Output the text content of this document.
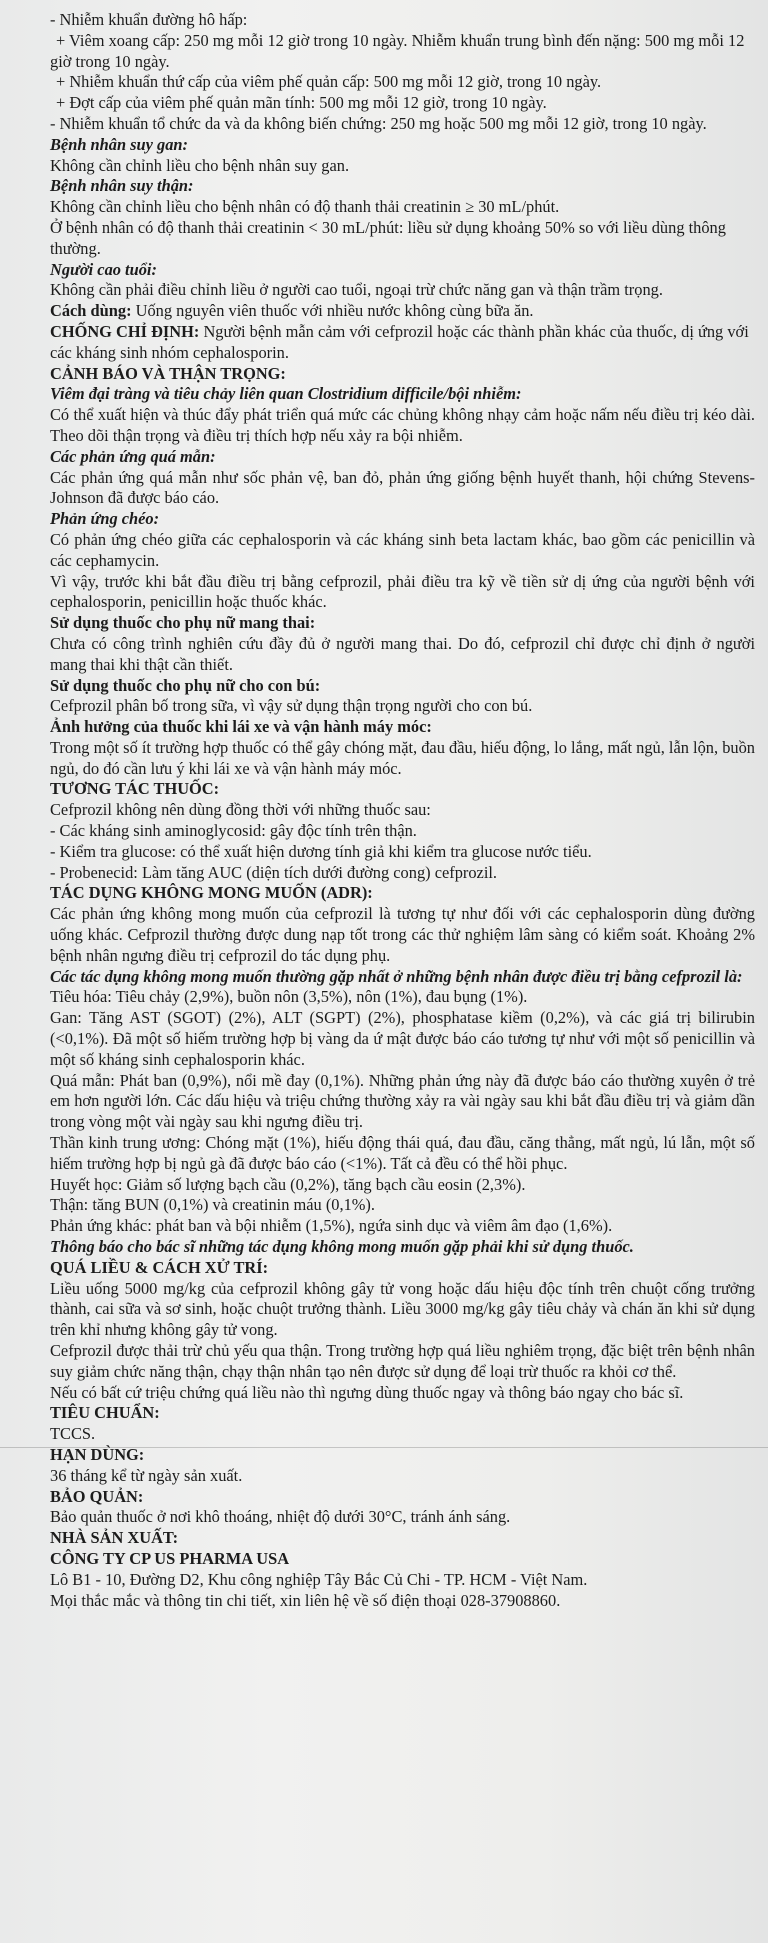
- Nhiễm khuẩn đường hô hấp:

+ Viêm xoang cấp: 250 mg mỗi 12 giờ trong 10 ngày. Nhiễm khuẩn trung bình đến nặng: 500 mg mỗi 12 giờ trong 10 ngày.

+ Nhiễm khuẩn thứ cấp của viêm phế quản cấp: 500 mg mỗi 12 giờ, trong 10 ngày.

+ Đợt cấp của viêm phế quản mãn tính: 500 mg mỗi 12 giờ, trong 10 ngày.

- Nhiễm khuẩn tổ chức da và da không biến chứng: 250 mg hoặc 500 mg mỗi 12 giờ, trong 10 ngày.

Bệnh nhân suy gan:

Không cần chỉnh liều cho bệnh nhân suy gan.

Bệnh nhân suy thận:

Không cần chỉnh liều cho bệnh nhân có độ thanh thải creatinin ≥ 30 mL/phút.

Ở bệnh nhân có độ thanh thải creatinin < 30 mL/phút: liều sử dụng khoảng 50% so với liều dùng thông thường.

Người cao tuổi:

Không cần phải điều chỉnh liều ở người cao tuổi, ngoại trừ chức năng gan và thận trầm trọng.

Cách dùng: Uống nguyên viên thuốc với nhiều nước không cùng bữa ăn.

CHỐNG CHỈ ĐỊNH: Người bệnh mẫn cảm với cefprozil hoặc các thành phần khác của thuốc, dị ứng với các kháng sinh nhóm cephalosporin.

CẢNH BÁO VÀ THẬN TRỌNG:

Viêm đại tràng và tiêu chảy liên quan Clostridium difficile/bội nhiễm:

Có thể xuất hiện và thúc đẩy phát triển quá mức các chủng không nhạy cảm hoặc nấm nếu điều trị kéo dài. Theo dõi thận trọng và điều trị thích hợp nếu xảy ra bội nhiễm.

Các phản ứng quá mẫn:

Các phản ứng quá mẫn như sốc phản vệ, ban đỏ, phản ứng giống bệnh huyết thanh, hội chứng Stevens-Johnson đã được báo cáo.

Phản ứng chéo:

Có phản ứng chéo giữa các cephalosporin và các kháng sinh beta lactam khác, bao gồm các penicillin và các cephamycin.

Vì vậy, trước khi bắt đầu điều trị bằng cefprozil, phải điều tra kỹ về tiền sử dị ứng của người bệnh với cephalosporin, penicillin hoặc thuốc khác.

Sử dụng thuốc cho phụ nữ mang thai:

Chưa có công trình nghiên cứu đầy đủ ở người mang thai. Do đó, cefprozil chỉ được chỉ định ở người mang thai khi thật cần thiết.

Sử dụng thuốc cho phụ nữ cho con bú:

Cefprozil phân bố trong sữa, vì vậy sử dụng thận trọng người cho con bú.

Ảnh hưởng của thuốc khi lái xe và vận hành máy móc:

Trong một số ít trường hợp thuốc có thể gây chóng mặt, đau đầu, hiếu động, lo lắng, mất ngủ, lẫn lộn, buồn ngủ, do đó cần lưu ý khi lái xe và vận hành máy móc.

TƯƠNG TÁC THUỐC:

Cefprozil không nên dùng đồng thời với những thuốc sau:

- Các kháng sinh aminoglycosid: gây độc tính trên thận.

- Kiểm tra glucose: có thể xuất hiện dương tính giả khi kiểm tra glucose nước tiểu.

- Probenecid: Làm tăng AUC (diện tích dưới đường cong) cefprozil.

TÁC DỤNG KHÔNG MONG MUỐN (ADR):

Các phản ứng không mong muốn của cefprozil là tương tự như đối với các cephalosporin dùng đường uống khác. Cefprozil thường được dung nạp tốt trong các thử nghiệm lâm sàng có kiểm soát. Khoảng 2% bệnh nhân ngưng điều trị cefprozil do tác dụng phụ.

Các tác dụng không mong muốn thường gặp nhất ở những bệnh nhân được điều trị bằng cefprozil là:

Tiêu hóa: Tiêu chảy (2,9%), buồn nôn (3,5%), nôn (1%), đau bụng (1%).

Gan: Tăng AST (SGOT) (2%), ALT (SGPT) (2%), phosphatase kiềm (0,2%), và các giá trị bilirubin (<0,1%). Đã một số hiếm trường hợp bị vàng da ứ mật được báo cáo tương tự như với một số penicillin và một số kháng sinh cephalosporin khác.

Quá mẫn: Phát ban (0,9%), nổi mề đay (0,1%). Những phản ứng này đã được báo cáo thường xuyên ở trẻ em hơn người lớn. Các dấu hiệu và triệu chứng thường xảy ra vài ngày sau khi bắt đầu điều trị và giảm dần trong vòng một vài ngày sau khi ngưng điều trị.

Thần kinh trung ương: Chóng mặt (1%), hiếu động thái quá, đau đầu, căng thẳng, mất ngủ, lú lẫn, một số hiếm trường hợp bị ngủ gà đã được báo cáo (<1%). Tất cả đều có thể hồi phục.

Huyết học: Giảm số lượng bạch cầu (0,2%), tăng bạch cầu eosin (2,3%).

Thận: tăng BUN (0,1%) và creatinin máu (0,1%).

Phản ứng khác: phát ban và bội nhiễm (1,5%), ngứa sinh dục và viêm âm đạo (1,6%).

Thông báo cho bác sĩ những tác dụng không mong muốn gặp phải khi sử dụng thuốc.

QUÁ LIỀU & CÁCH XỬ TRÍ:

Liều uống 5000 mg/kg của cefprozil không gây tử vong hoặc dấu hiệu độc tính trên chuột cống trưởng thành, cai sữa và sơ sinh, hoặc chuột trưởng thành. Liều 3000 mg/kg gây tiêu chảy và chán ăn khi sử dụng trên khỉ nhưng không gây tử vong.

Cefprozil được thải trừ chủ yếu qua thận. Trong trường hợp quá liều nghiêm trọng, đặc biệt trên bệnh nhân suy giảm chức năng thận, chạy thận nhân tạo nên được sử dụng để loại trừ thuốc ra khỏi cơ thể.

Nếu có bất cứ triệu chứng quá liều nào thì ngưng dùng thuốc ngay và thông báo ngay cho bác sĩ.

TIÊU CHUẨN:

TCCS.

HẠN DÙNG:

36 tháng kể từ ngày sản xuất.

BẢO QUẢN:

Bảo quản thuốc ở nơi khô thoáng, nhiệt độ dưới 30°C, tránh ánh sáng.

NHÀ SẢN XUẤT:

CÔNG TY CP US PHARMA USA

Lô B1 - 10, Đường D2, Khu công nghiệp Tây Bắc Củ Chi - TP. HCM - Việt Nam.

Mọi thắc mắc và thông tin chi tiết, xin liên hệ về số điện thoại 028-37908860.
